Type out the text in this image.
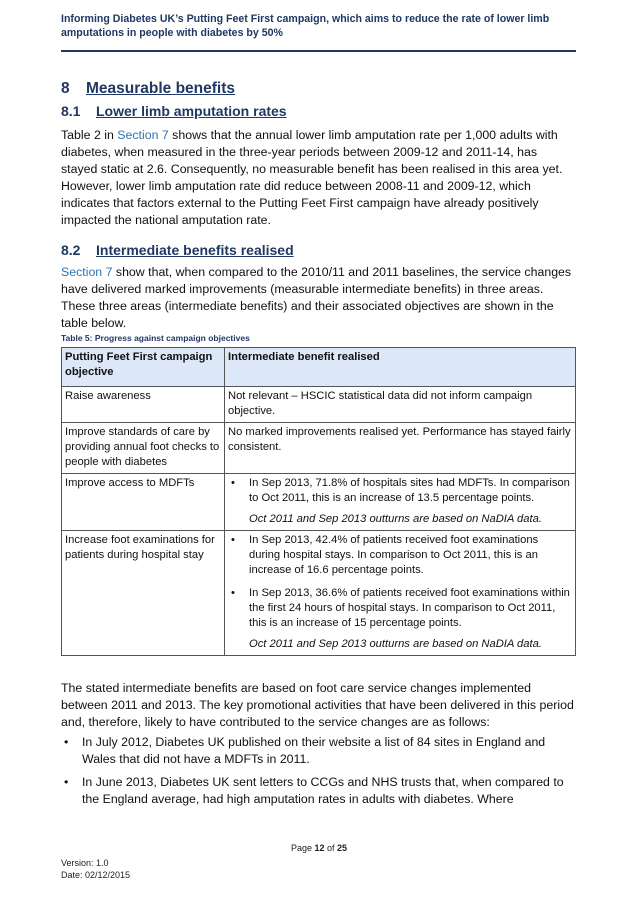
Informing Diabetes UK’s Putting Feet First campaign, which aims to reduce the rate of lower limb amputations in people with diabetes by 50%
8 Measurable benefits
8.1 Lower limb amputation rates
Table 2 in Section 7 shows that the annual lower limb amputation rate per 1,000 adults with diabetes, when measured in the three-year periods between 2009-12 and 2011-14, has stayed static at 2.6. Consequently, no measurable benefit has been realised in this area yet. However, lower limb amputation rate did reduce between 2008-11 and 2009-12, which indicates that factors external to the Putting Feet First campaign have already positively impacted the national amputation rate.
8.2 Intermediate benefits realised
Section 7 show that, when compared to the 2010/11 and 2011 baselines, the service changes have delivered marked improvements (measurable intermediate benefits) in three areas. These three areas (intermediate benefits) and their associated objectives are shown in the table below.
Table 5: Progress against campaign objectives
Putting Feet First campaign objective	Intermediate benefit realised
Raise awareness	Not relevant – HSCIC statistical data did not inform campaign objective.
Improve standards of care by providing annual foot checks to people with diabetes	No marked improvements realised yet. Performance has stayed fairly consistent.
Improve access to MDFTs	• In Sep 2013, 71.8% of hospitals sites had MDFTs. In comparison to Oct 2011, this is an increase of 13.5 percentage points.

Oct 2011 and Sep 2013 outturns are based on NaDIA data.

Increase foot examinations for patients during hospital stay	• In Sep 2013, 42.4% of patients received foot examinations during hospital stays. In comparison to Oct 2011, this is an increase of 16.6 percentage points.

• In Sep 2013, 36.6% of patients received foot examinations within the first 24 hours of hospital stays. In comparison to Oct 2011, this is an increase of 15 percentage points.

Oct 2011 and Sep 2013 outturns are based on NaDIA data.

The stated intermediate benefits are based on foot care service changes implemented between 2011 and 2013. The key promotional activities that have been delivered in this period and, therefore, likely to have contributed to the service changes are as follows:
•	In July 2012, Diabetes UK published on their website a list of 84 sites in England and Wales that did not have a MDFTs in 2011.
•	In June 2013, Diabetes UK sent letters to CCGs and NHS trusts that, when compared to the England average, had high amputation rates in adults with diabetes. Where
Page 12 of 25
Version: 1.0
Date: 02/12/2015
